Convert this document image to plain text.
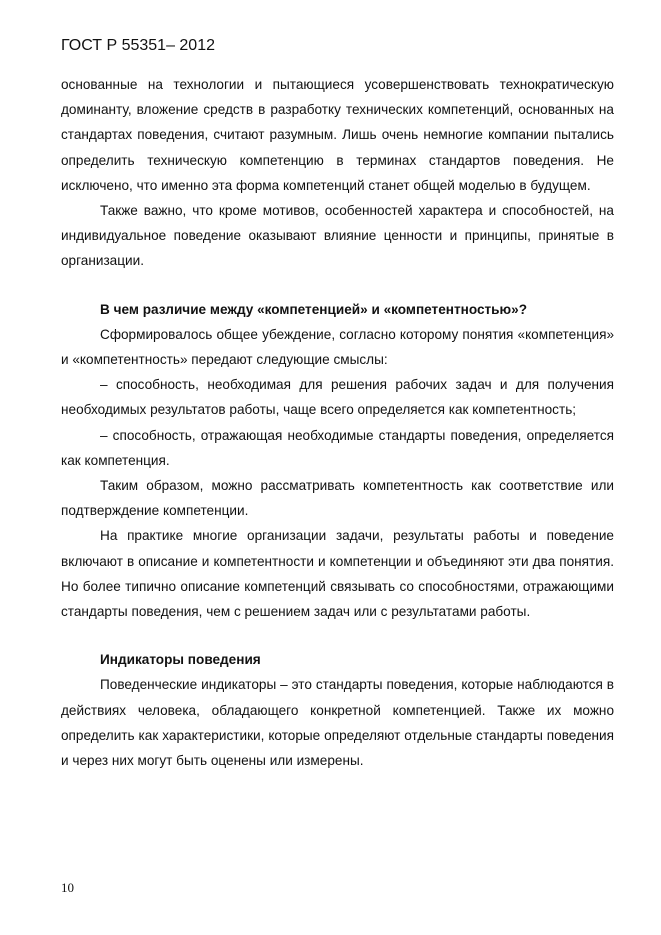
ГОСТ Р 55351– 2012

основанные на технологии и пытающиеся усовершенствовать технократическую доминанту, вложение средств в разработку технических компетенций, основанных на стандартах поведения, считают разумным. Лишь очень немногие компании пытались определить техническую компетенцию в терминах стандартов поведения. Не исключено, что именно эта форма компетенций станет общей моделью в будущем.

Также важно, что кроме мотивов, особенностей характера и способностей, на индивидуальное поведение оказывают влияние ценности и принципы, принятые в организации.

В чем различие между «компетенцией» и «компетентностью»?

Сформировалось общее убеждение, согласно которому понятия «компетенция» и «компетентность» передают следующие смыслы:

– способность, необходимая для решения рабочих задач и для получения необходимых результатов работы, чаще всего определяется как компетентность;

– способность, отражающая необходимые стандарты поведения, определяется как компетенция.

Таким образом, можно рассматривать компетентность как соответствие или подтверждение компетенции.

На практике многие организации задачи, результаты работы и поведение включают в описание и компетентности и компетенции и объединяют эти два понятия. Но более типично описание компетенций связывать со способностями, отражающими стандарты поведения, чем с решением задач или с результатами работы.

Индикаторы поведения

Поведенческие индикаторы – это стандарты поведения, которые наблюдаются в действиях человека, обладающего конкретной компетенцией. Также их можно определить как характеристики, которые определяют отдельные стандарты поведения и через них могут быть оценены или измерены.

10
